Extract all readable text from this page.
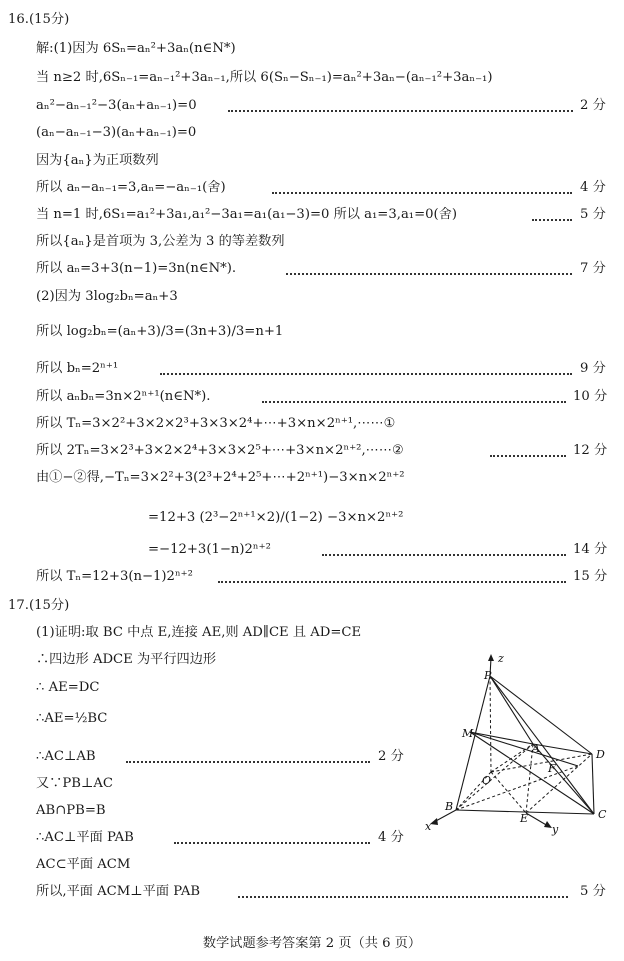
16.(15分)
解:(1)因为 6Sₙ=aₙ²+3aₙ(n∈N*)
当 n≥2 时,6Sₙ₋₁=aₙ₋₁²+3aₙ₋₁,所以 6(Sₙ−Sₙ₋₁)=aₙ²+3aₙ−(aₙ₋₁²+3aₙ₋₁)
aₙ²−aₙ₋₁²−3(aₙ+aₙ₋₁)=0	2 分
(aₙ−aₙ₋₁−3)(aₙ+aₙ₋₁)=0
因为{aₙ}为正项数列
所以 aₙ−aₙ₋₁=3,aₙ=−aₙ₋₁(舍)	4 分
当 n=1 时,6S₁=a₁²+3a₁,a₁²−3a₁=a₁(a₁−3)=0 所以 a₁=3,a₁=0(舍)	5 分
所以{aₙ}是首项为 3,公差为 3 的等差数列
所以 aₙ=3+3(n−1)=3n(n∈N*).	7 分
(2)因为 3log₂bₙ=aₙ+3
所以 log₂bₙ=(aₙ+3)/3=(3n+3)/3=n+1
所以 bₙ=2ⁿ⁺¹	9 分
所以 aₙbₙ=3n×2ⁿ⁺¹(n∈N*).	10 分
所以 Tₙ=3×2²+3×2×2³+3×3×2⁴+⋯+3×n×2ⁿ⁺¹,⋯⋯①
所以 2Tₙ=3×2³+3×2×2⁴+3×3×2⁵+⋯+3×n×2ⁿ⁺²,⋯⋯②	12 分
由①−②得,−Tₙ=3×2²+3(2³+2⁴+2⁵+⋯+2ⁿ⁺¹)−3×n×2ⁿ⁺²
=12+3 (2³−2ⁿ⁺¹×2)/(1−2) −3×n×2ⁿ⁺²
=−12+3(1−n)2ⁿ⁺²	14 分
所以 Tₙ=12+3(n−1)2ⁿ⁺²	15 分
17.(15分)
(1)证明:取 BC 中点 E,连接 AE,则 AD∥CE 且 AD=CE
∴四边形 ADCE 为平行四边形
∴ AE=DC
∴AE=½BC
∴AC⊥AB	2 分
又∵PB⊥AC
AB∩PB=B
∴AC⊥平面 PAB	4 分
AC⊂平面 ACM
所以,平面 ACM⊥平面 PAB	5 分
P
z
M
A	D
F
O
B
C
E
x	y
数学试题参考答案第 2 页（共 6 页）
